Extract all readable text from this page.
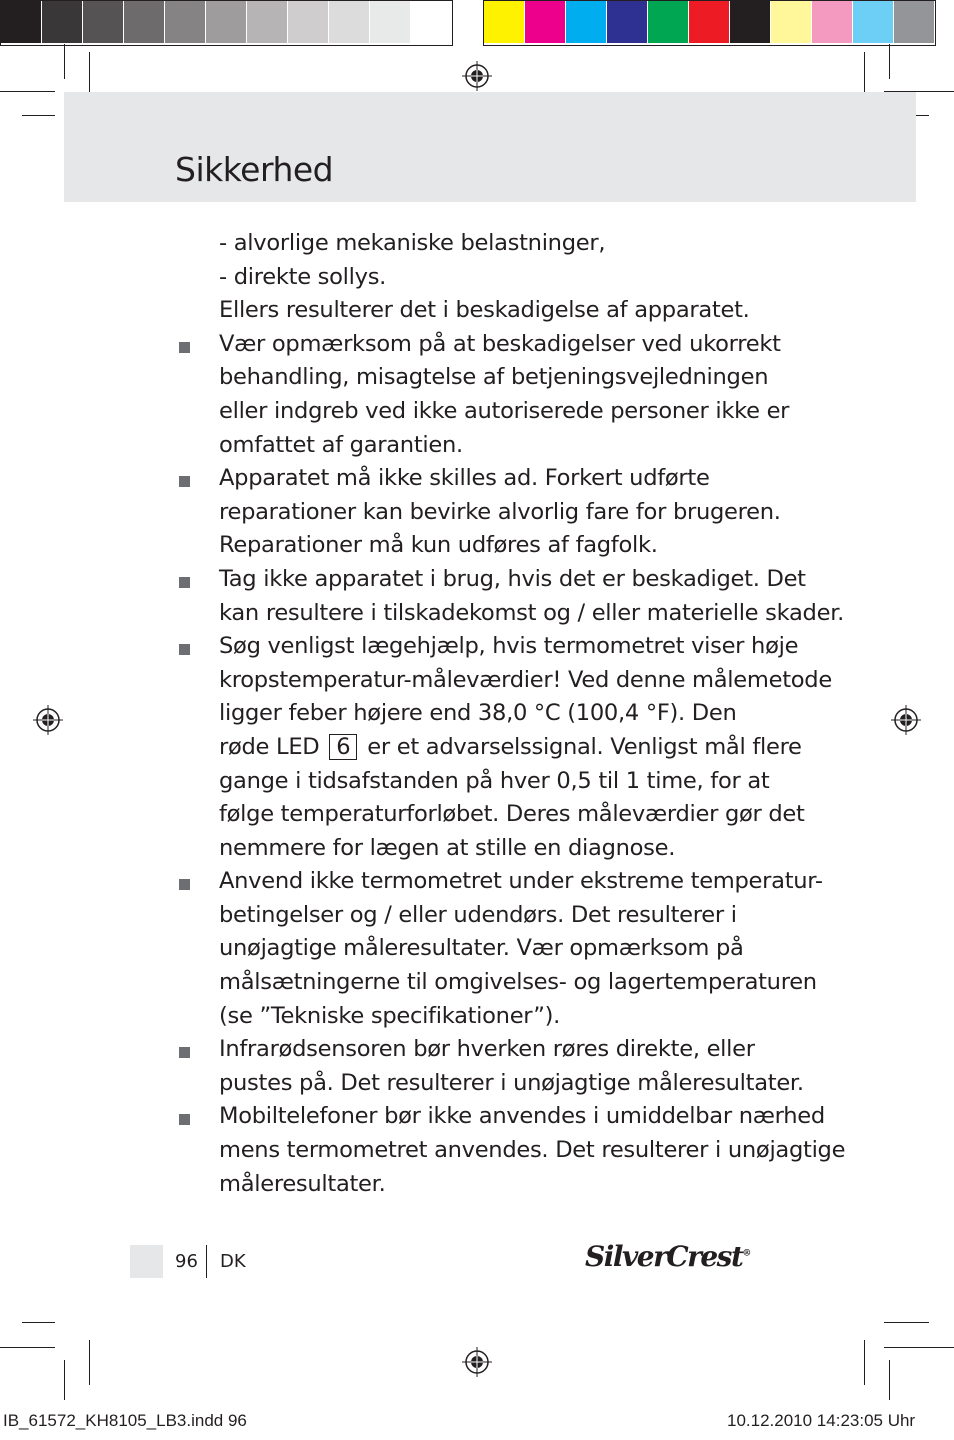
Sikkerhed
- alvorlige mekaniske belastninger,
- direkte sollys.
Ellers resulterer det i beskadigelse af apparatet.
Vær opmærksom på at beskadigelser ved ukorrekt
behandling, misagtelse af betjeningsvejledningen
eller indgreb ved ikke autoriserede personer ikke er
omfattet af garantien.
Apparatet må ikke skilles ad. Forkert udførte
reparationer kan bevirke alvorlig fare for brugeren.
Reparationer må kun udføres af fagfolk.
Tag ikke apparatet i brug, hvis det er beskadiget. Det
kan resultere i tilskadekomst og / eller materielle skader.
Søg venligst lægehjælp, hvis termometret viser høje
kropstemperatur-måleværdier! Ved denne målemetode
ligger feber højere end 38,0 °C (100,4 °F). Den
røde LED 6 er et advarselssignal. Venligst mål flere
gange i tidsafstanden på hver 0,5 til 1 time, for at
følge temperaturforløbet. Deres måleværdier gør det
nemmere for lægen at stille en diagnose.
Anvend ikke termometret under ekstreme temperatur-
betingelser og / eller udendørs. Det resulterer i
unøjagtige måleresultater. Vær opmærksom på
målsætningerne til omgivelses- og lagertemperaturen
(se ”Tekniske specifikationer”).
Infrarødsensoren bør hverken røres direkte, eller
pustes på. Det resulterer i unøjagtige måleresultater.
Mobiltelefoner bør ikke anvendes i umiddelbar nærhed
mens termometret anvendes. Det resulterer i unøjagtige
måleresultater.
96 DK	SilverCrest®
IB_61572_KH8105_LB3.indd 96	10.12.2010 14:23:05 Uhr
